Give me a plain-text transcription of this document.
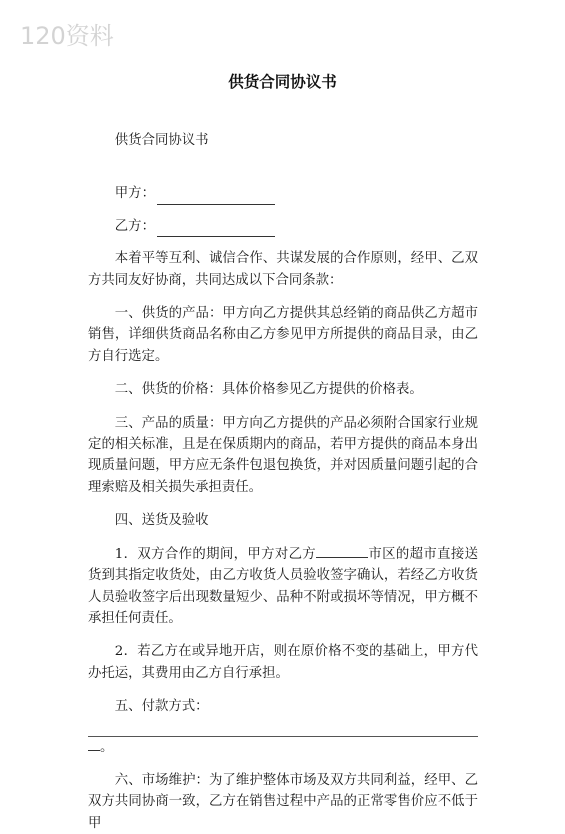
120资料
供货合同协议书

供货合同协议书

甲方：

乙方：

本着平等互利、诚信合作、共谋发展的合作原则，经甲、乙双方共同友好协商，共同达成以下合同条款：

一、供货的产品：甲方向乙方提供其总经销的商品供乙方超市销售，详细供货商品名称由乙方参见甲方所提供的商品目录，由乙方自行选定。

二、供货的价格：具体价格参见乙方提供的价格表。

三、产品的质量：甲方向乙方提供的产品必须附合国家行业规定的相关标准，且是在保质期内的商品，若甲方提供的商品本身出现质量问题，甲方应无条件包退包换货，并对因质量问题引起的合理索赔及相关损失承担责任。

四、送货及验收

1．双方合作的期间，甲方对乙方	市区的超市直接送货到其指定收货处，由乙方收货人员验收签字确认，若经乙方收货人员验收签字后出现数量短少、品种不附或损坏等情况，甲方概不承担任何责任。

2．若乙方在或异地开店，则在原价格不变的基础上，甲方代办托运，其费用由乙方自行承担。

五、付款方式：

。

六、市场维护：为了维护整体市场及双方共同利益，经甲、乙双方共同协商一致，乙方在销售过程中产品的正常零售价应不低于甲
